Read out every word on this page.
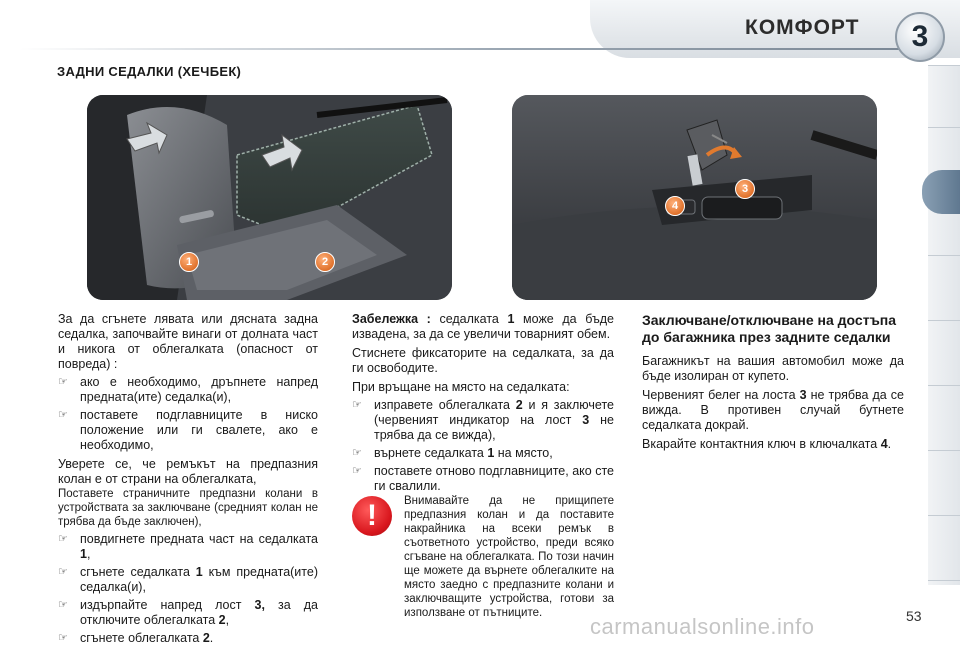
КОМФОРТ	3
ЗАДНИ СЕДАЛКИ (ХЕЧБЕК)
1	2
3
4

За да сгънете лявата или дясната задна седалка, започвайте винаги от долната част и никога от облегалката (опасност от повреда) :

☞ ако е необходимо, дръпнете напред предната(ите) седалка(и),
☞ поставете подглавниците в ниско положение или ги свалете, ако е необходимо,

Уверете се, че ремъкът на предпазния колан е от страни на облегалката,

Поставете страничните предпазни колани в устройствата за заключване (средният колан не трябва да бъде заключен),

☞ повдигнете предната част на седалката 1,
☞ сгънете седалката 1 към предната(ите) седалка(и),
☞ издърпайте напред лост 3, за да отключите облегалката 2,
☞ сгънете облегалката 2.

Забележка : седалката 1 може да бъде извадена, за да се увеличи товарният обем.

Стиснете фиксаторите на седалката, за да ги освободите.

При връщане на място на седалката:

☞ изправете облегалката 2 и я заключете (червеният индикатор на лост 3 не трябва да се вижда),
☞ върнете седалката 1 на място,
☞ поставете отново подглавниците, ако сте ги свалили.
Внимавайте да не прищипете предпазния колан и да поставите накрайника на всеки ремък в съответното устройство, преди всяко сгъване на облегалката. По този начин ще можете да върнете облегалките на място заедно с предпазните колани и заключващите устройства, готови за използване от пътниците.
!
Заключване/отключване на достъпа до багажника през задните седалки

Багажникът на вашия автомобил може да бъде изолиран от купето.

Червеният белег на лоста 3 не трябва да се вижда. В противен случай бутнете седалката докрай.

Вкарайте контактния ключ в ключалката 4.

53
carmanualsonline.info
